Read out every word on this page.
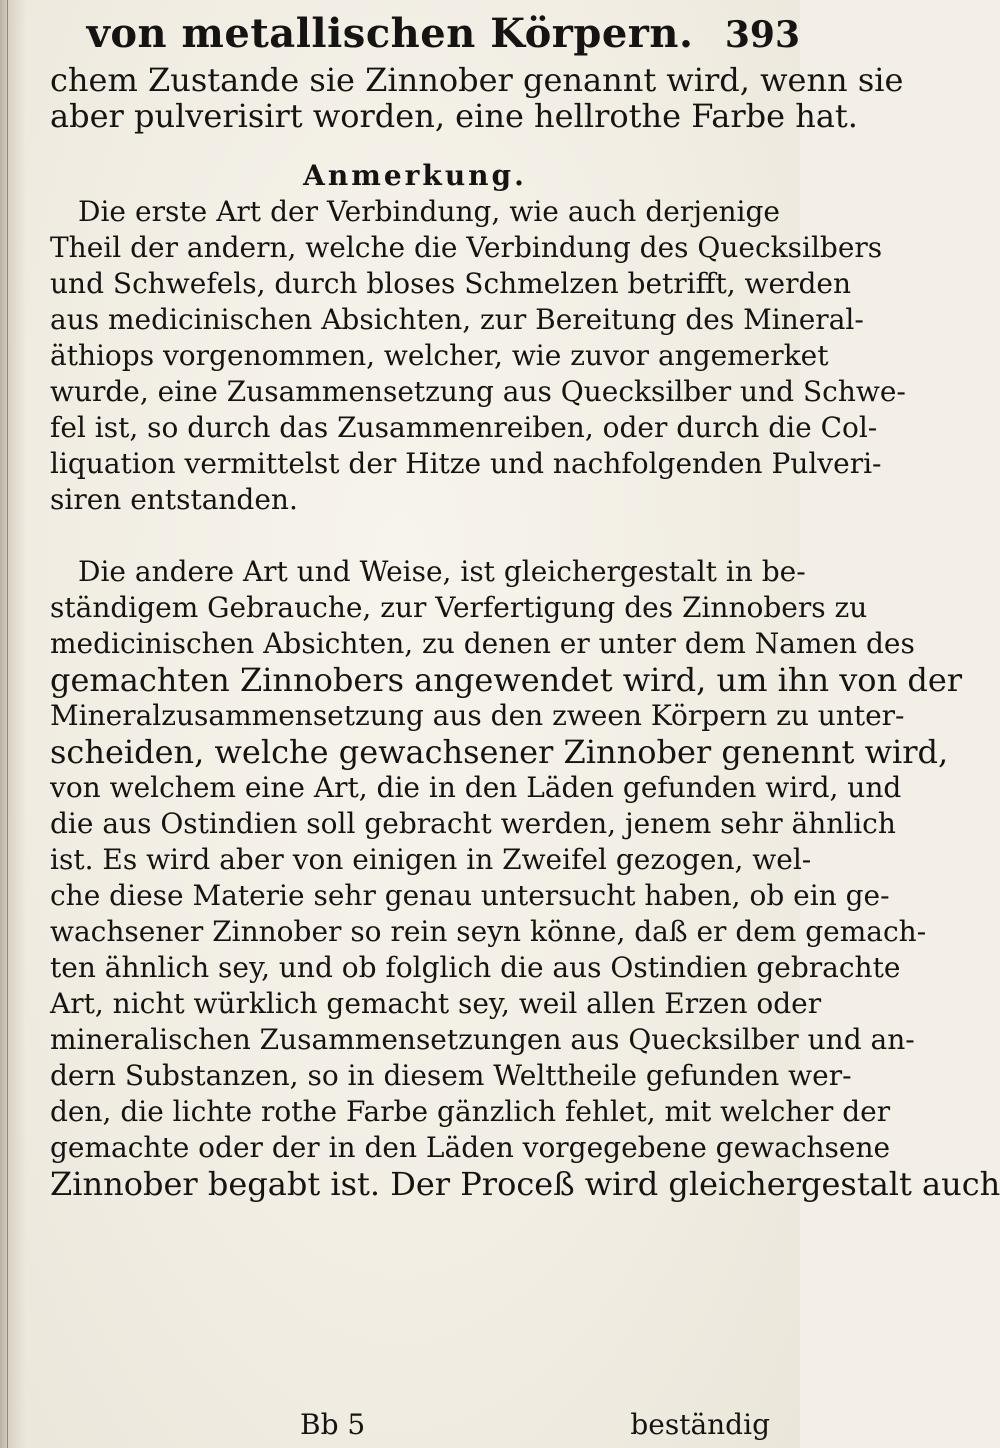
von metallischen Körpern. 393
chem Zustande sie Zinnober genannt wird, wenn sie
aber pulverisirt worden, eine hellrothe Farbe hat.
Anmerkung.
Die erste Art der Verbindung, wie auch derjenige
Theil der andern, welche die Verbindung des Quecksilbers
und Schwefels, durch bloses Schmelzen betrifft, werden
aus medicinischen Absichten, zur Bereitung des Mineral-
äthiops vorgenommen, welcher, wie zuvor angemerket
wurde, eine Zusammensetzung aus Quecksilber und Schwe-
fel ist, so durch das Zusammenreiben, oder durch die Col-
liquation vermittelst der Hitze und nachfolgenden Pulveri-
siren entstanden.
Die andere Art und Weise, ist gleichergestalt in be-
ständigem Gebrauche, zur Verfertigung des Zinnobers zu
medicinischen Absichten, zu denen er unter dem Namen des
gemachten Zinnobers angewendet wird, um ihn von der
Mineralzusammensetzung aus den zween Körpern zu unter-
scheiden, welche gewachsener Zinnober genennt wird,
von welchem eine Art, die in den Läden gefunden wird, und
die aus Ostindien soll gebracht werden, jenem sehr ähnlich
ist. Es wird aber von einigen in Zweifel gezogen, wel-
che diese Materie sehr genau untersucht haben, ob ein ge-
wachsener Zinnober so rein seyn könne, daß er dem gemach-
ten ähnlich sey, und ob folglich die aus Ostindien gebrachte
Art, nicht würklich gemacht sey, weil allen Erzen oder
mineralischen Zusammensetzungen aus Quecksilber und an-
dern Substanzen, so in diesem Welttheile gefunden wer-
den, die lichte rothe Farbe gänzlich fehlet, mit welcher der
gemachte oder der in den Läden vorgegebene gewachsene
Zinnober begabt ist. Der Proceß wird gleichergestalt auch
Bb 5	beständig
